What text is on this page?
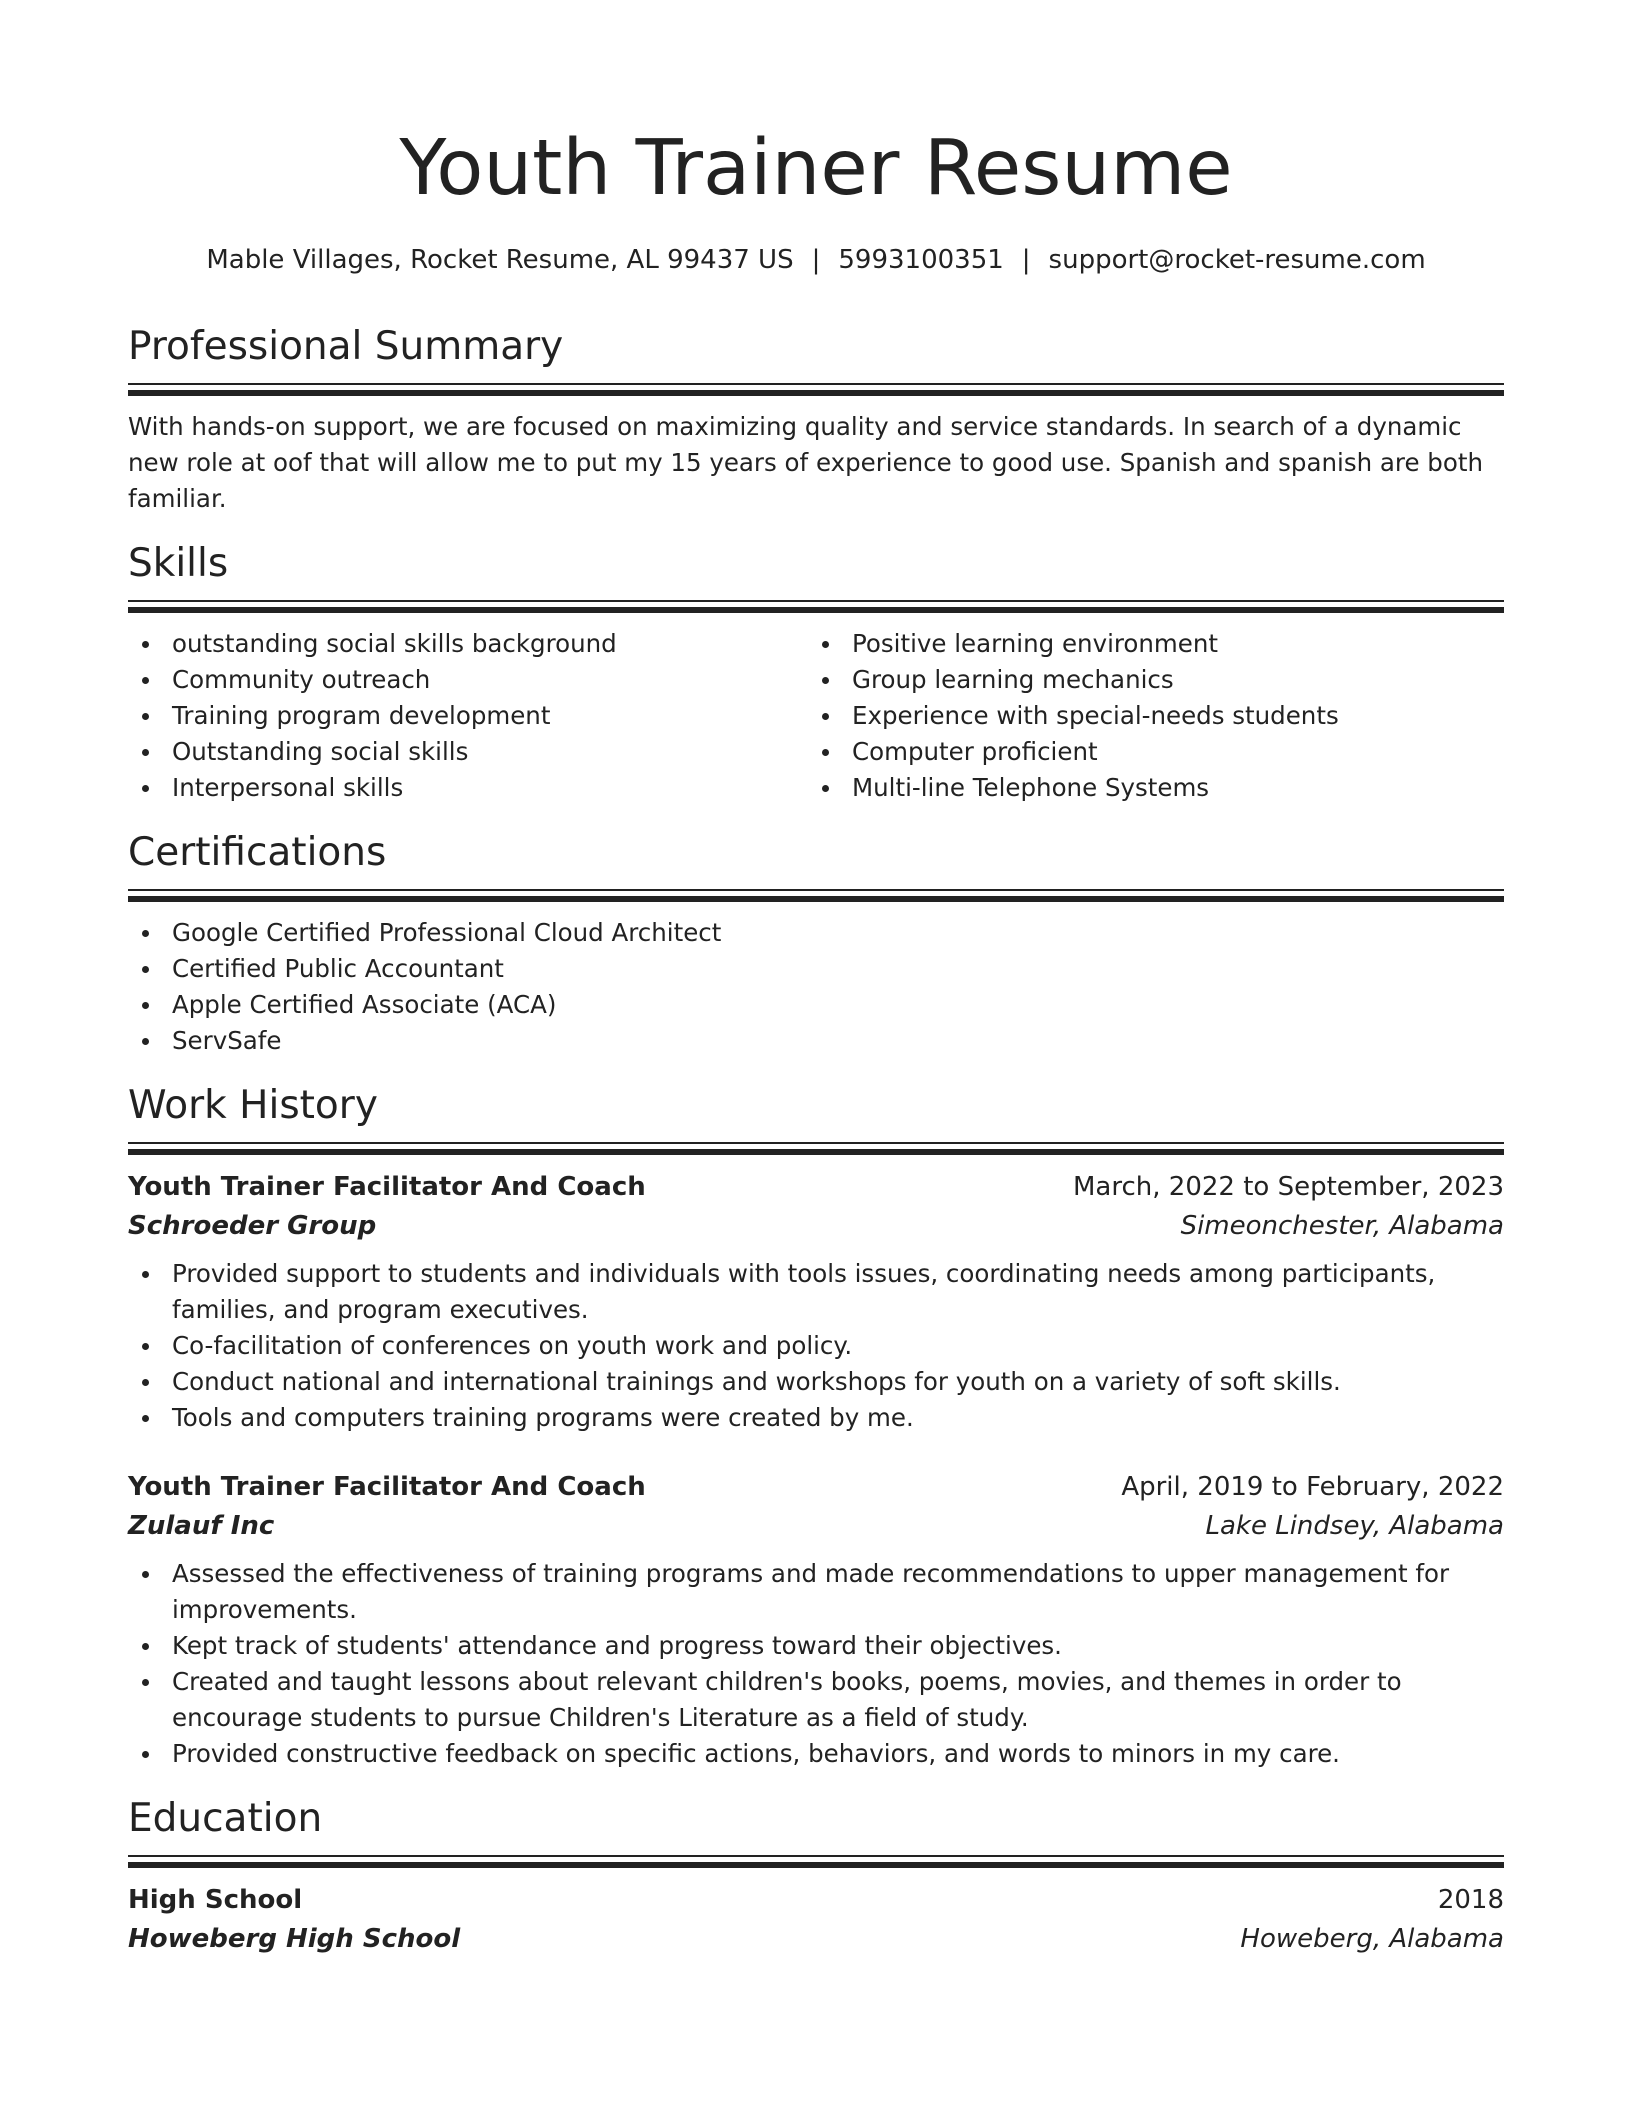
Youth Trainer Resume
Mable Villages, Rocket Resume, AL 99437 US | 5993100351 | support@rocket-resume.com
Professional Summary

With hands-on support, we are focused on maximizing quality and service standards. In search of a dynamic new role at oof that will allow me to put my 15 years of experience to good use. Spanish and spanish are both familiar.

Skills
outstanding social skills background
Community outreach
Training program development
Outstanding social skills
Interpersonal skills
Positive learning environment
Group learning mechanics
Experience with special-needs students
Computer proficient
Multi-line Telephone Systems
Certifications
Google Certified Professional Cloud Architect
Certified Public Accountant
Apple Certified Associate (ACA)
ServSafe
Work History
Youth Trainer Facilitator And Coach	March, 2022 to September, 2023
Schroeder Group	Simeonchester, Alabama
Provided support to students and individuals with tools issues, coordinating needs among participants, families, and program executives.
Co-facilitation of conferences on youth work and policy.
Conduct national and international trainings and workshops for youth on a variety of soft skills.
Tools and computers training programs were created by me.
Youth Trainer Facilitator And Coach	April, 2019 to February, 2022
Zulauf Inc	Lake Lindsey, Alabama
Assessed the effectiveness of training programs and made recommendations to upper management for improvements.
Kept track of students' attendance and progress toward their objectives.
Created and taught lessons about relevant children's books, poems, movies, and themes in order to encourage students to pursue Children's Literature as a field of study.
Provided constructive feedback on specific actions, behaviors, and words to minors in my care.
Education
High School	2018
Howeberg High School	Howeberg, Alabama
